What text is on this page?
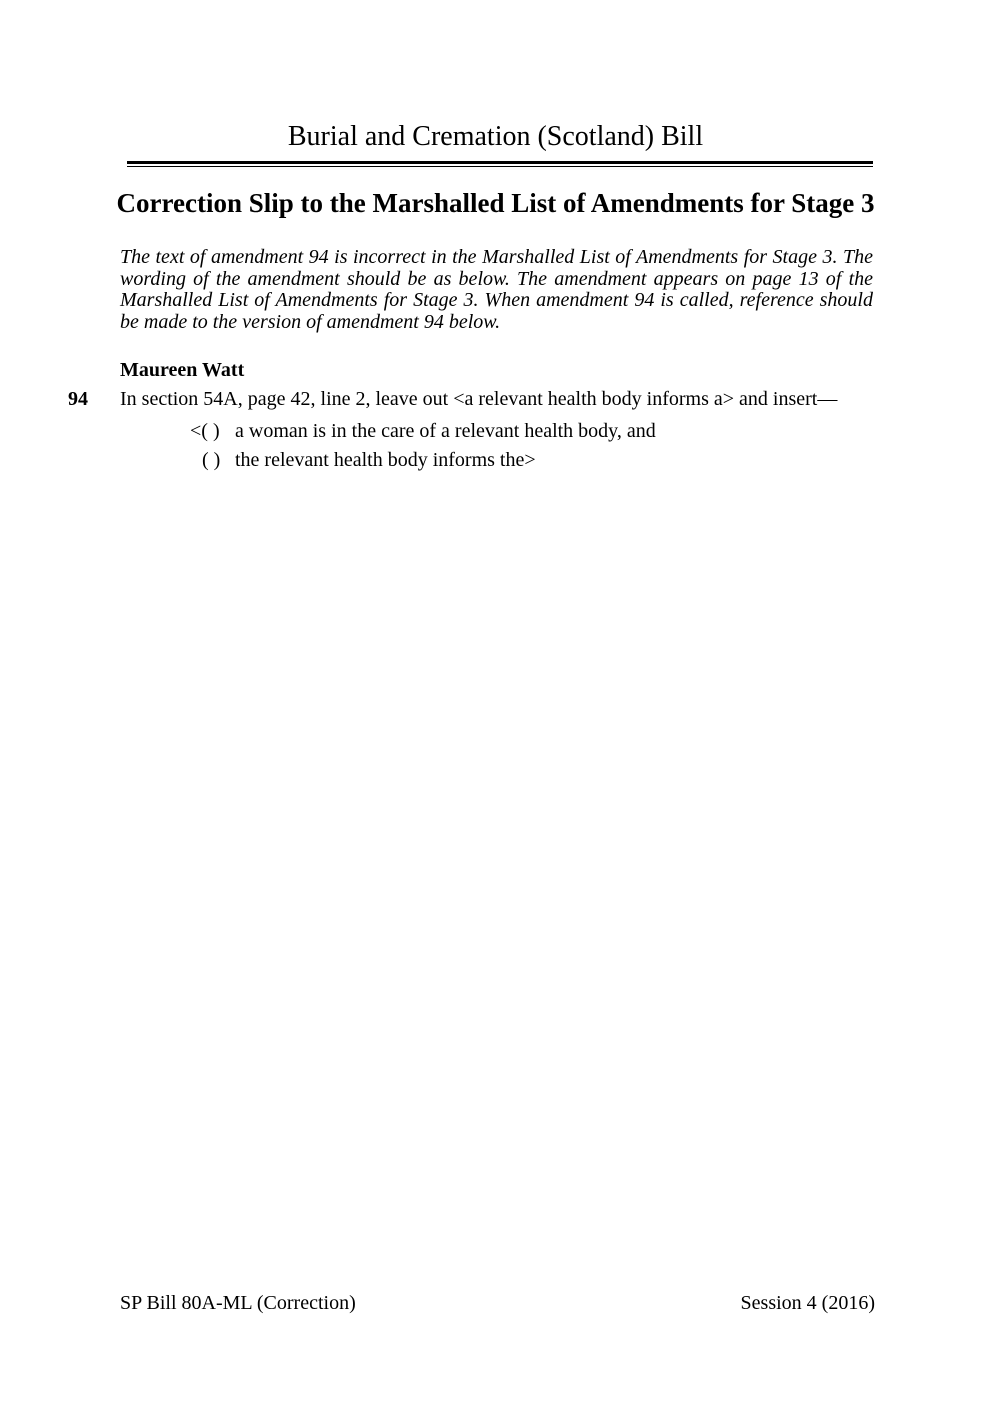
Burial and Cremation (Scotland) Bill
Correction Slip to the Marshalled List of Amendments for Stage 3

The text of amendment 94 is incorrect in the Marshalled List of Amendments for Stage 3. The wording of the amendment should be as below. The amendment appears on page 13 of the Marshalled List of Amendments for Stage 3. When amendment 94 is called, reference should be made to the version of amendment 94 below.

Maureen Watt
94 In section 54A, page 42, line 2, leave out <a relevant health body informs a> and insert—

<( ) a woman is in the care of a relevant health body, and
( ) the relevant health body informs the>
SP Bill 80A-ML (Correction)	Session 4 (2016)
